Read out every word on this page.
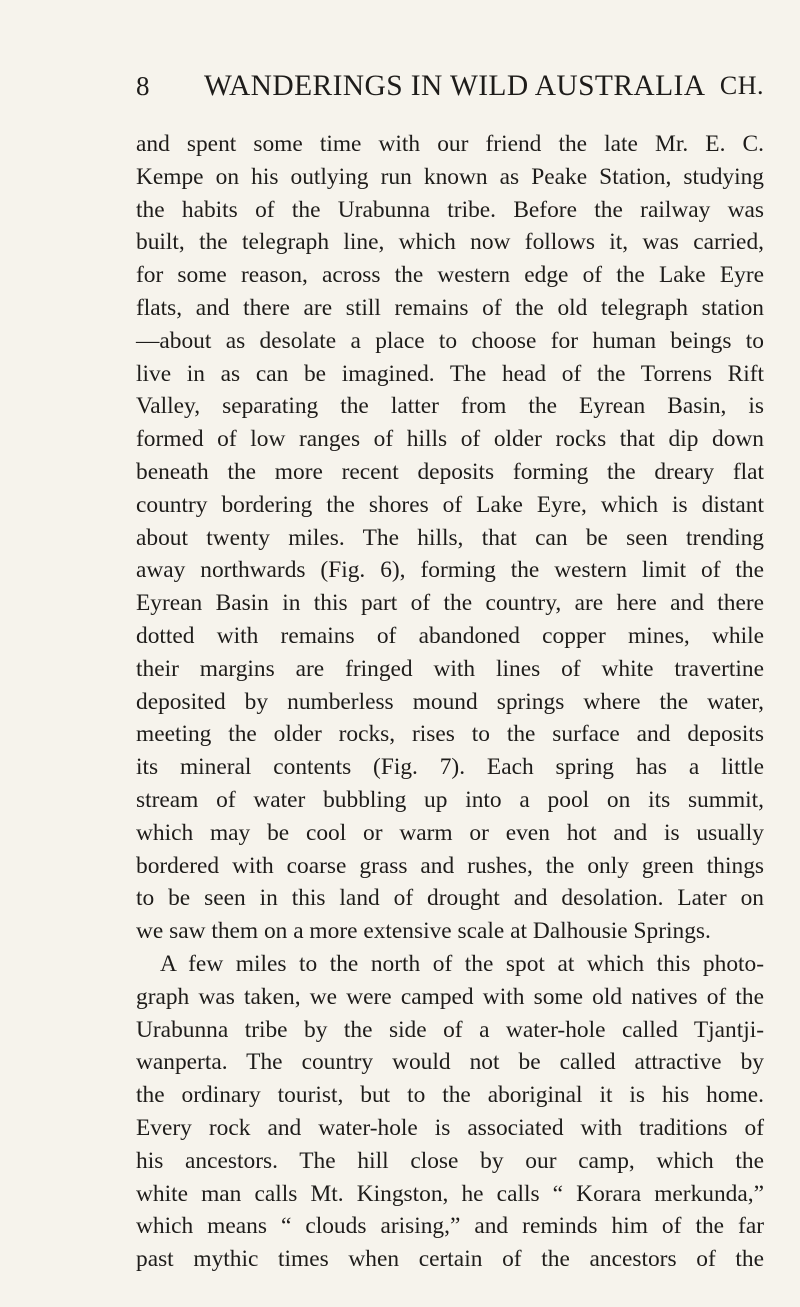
8 WANDERINGS IN WILD AUSTRALIA CH.
and spent some time with our friend the late Mr. E. C.
Kempe on his outlying run known as Peake Station, studying
the habits of the Urabunna tribe. Before the railway was
built, the telegraph line, which now follows it, was carried,
for some reason, across the western edge of the Lake Eyre
flats, and there are still remains of the old telegraph station
—about as desolate a place to choose for human beings to
live in as can be imagined. The head of the Torrens Rift
Valley, separating the latter from the Eyrean Basin, is
formed of low ranges of hills of older rocks that dip down
beneath the more recent deposits forming the dreary flat
country bordering the shores of Lake Eyre, which is distant
about twenty miles. The hills, that can be seen trending
away northwards (Fig. 6), forming the western limit of the
Eyrean Basin in this part of the country, are here and there
dotted with remains of abandoned copper mines, while
their margins are fringed with lines of white travertine
deposited by numberless mound springs where the water,
meeting the older rocks, rises to the surface and deposits
its mineral contents (Fig. 7). Each spring has a little
stream of water bubbling up into a pool on its summit,
which may be cool or warm or even hot and is usually
bordered with coarse grass and rushes, the only green things
to be seen in this land of drought and desolation. Later on
we saw them on a more extensive scale at Dalhousie Springs.
A few miles to the north of the spot at which this photo-
graph was taken, we were camped with some old natives of the
Urabunna tribe by the side of a water-hole called Tjantji-
wanperta. The country would not be called attractive by
the ordinary tourist, but to the aboriginal it is his home.
Every rock and water-hole is associated with traditions of
his ancestors. The hill close by our camp, which the
white man calls Mt. Kingston, he calls “ Korara merkunda,”
which means “ clouds arising,” and reminds him of the far
past mythic times when certain of the ancestors of the
